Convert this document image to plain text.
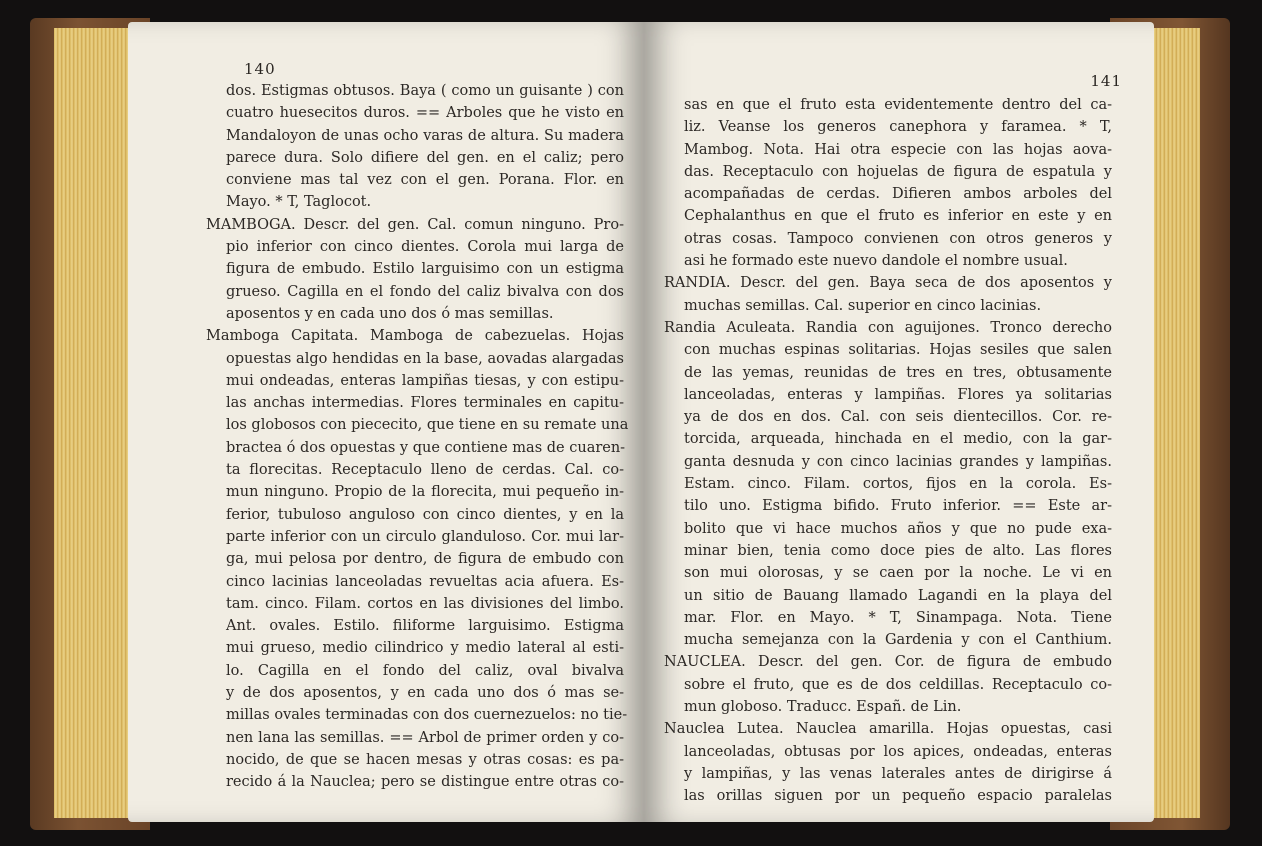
140
dos. Estigmas obtusos. Baya ( como un guisante ) con
cuatro huesecitos duros. == Arboles que he visto en
Mandaloyon de unas ocho varas de altura. Su madera
parece dura. Solo difiere del gen. en el caliz; pero
conviene mas tal vez con el gen. Porana. Flor. en
Mayo. * T, Taglocot.
MAMBOGA. Descr. del gen. Cal. comun ninguno. Pro-
pio inferior con cinco dientes. Corola mui larga de
figura de embudo. Estilo larguisimo con un estigma
grueso. Cagilla en el fondo del caliz bivalva con dos
aposentos y en cada uno dos ó mas semillas.
Mamboga Capitata. Mamboga de cabezuelas. Hojas
opuestas algo hendidas en la base, aovadas alargadas
mui ondeadas, enteras lampiñas tiesas, y con estipu-
las anchas intermedias. Flores terminales en capitu-
los globosos con piececito, que tiene en su remate una
bractea ó dos opuestas y que contiene mas de cuaren-
ta florecitas. Receptaculo lleno de cerdas. Cal. co-
mun ninguno. Propio de la florecita, mui pequeño in-
ferior, tubuloso anguloso con cinco dientes, y en la
parte inferior con un circulo glanduloso. Cor. mui lar-
ga, mui pelosa por dentro, de figura de embudo con
cinco lacinias lanceoladas revueltas acia afuera. Es-
tam. cinco. Filam. cortos en las divisiones del limbo.
Ant. ovales. Estilo. filiforme larguisimo. Estigma
mui grueso, medio cilindrico y medio lateral al esti-
lo. Cagilla en el fondo del caliz, oval bivalva
y de dos aposentos, y en cada uno dos ó mas se-
millas ovales terminadas con dos cuernezuelos: no tie-
nen lana las semillas. == Arbol de primer orden y co-
nocido, de que se hacen mesas y otras cosas: es pa-
recido á la Nauclea; pero se distingue entre otras co-
141
sas en que el fruto esta evidentemente dentro del ca-
liz. Veanse los generos canephora y faramea. * T,
Mambog. Nota. Hai otra especie con las hojas aova-
das. Receptaculo con hojuelas de figura de espatula y
acompañadas de cerdas. Difieren ambos arboles del
Cephalanthus en que el fruto es inferior en este y en
otras cosas. Tampoco convienen con otros generos y
asi he formado este nuevo dandole el nombre usual.
RANDIA. Descr. del gen. Baya seca de dos aposentos y
muchas semillas. Cal. superior en cinco lacinias.
Randia Aculeata. Randia con aguijones. Tronco derecho
con muchas espinas solitarias. Hojas sesiles que salen
de las yemas, reunidas de tres en tres, obtusamente
lanceoladas, enteras y lampiñas. Flores ya solitarias
ya de dos en dos. Cal. con seis dientecillos. Cor. re-
torcida, arqueada, hinchada en el medio, con la gar-
ganta desnuda y con cinco lacinias grandes y lampiñas.
Estam. cinco. Filam. cortos, fijos en la corola. Es-
tilo uno. Estigma bifido. Fruto inferior. == Este ar-
bolito que vi hace muchos años y que no pude exa-
minar bien, tenia como doce pies de alto. Las flores
son mui olorosas, y se caen por la noche. Le vi en
un sitio de Bauang llamado Lagandi en la playa del
mar. Flor. en Mayo. * T, Sinampaga. Nota. Tiene
mucha semejanza con la Gardenia y con el Canthium.
NAUCLEA. Descr. del gen. Cor. de figura de embudo
sobre el fruto, que es de dos celdillas. Receptaculo co-
mun globoso. Traducc. Españ. de Lin.
Nauclea Lutea. Nauclea amarilla. Hojas opuestas, casi
lanceoladas, obtusas por los apices, ondeadas, enteras
y lampiñas, y las venas laterales antes de dirigirse á
las orillas siguen por un pequeño espacio paralelas
